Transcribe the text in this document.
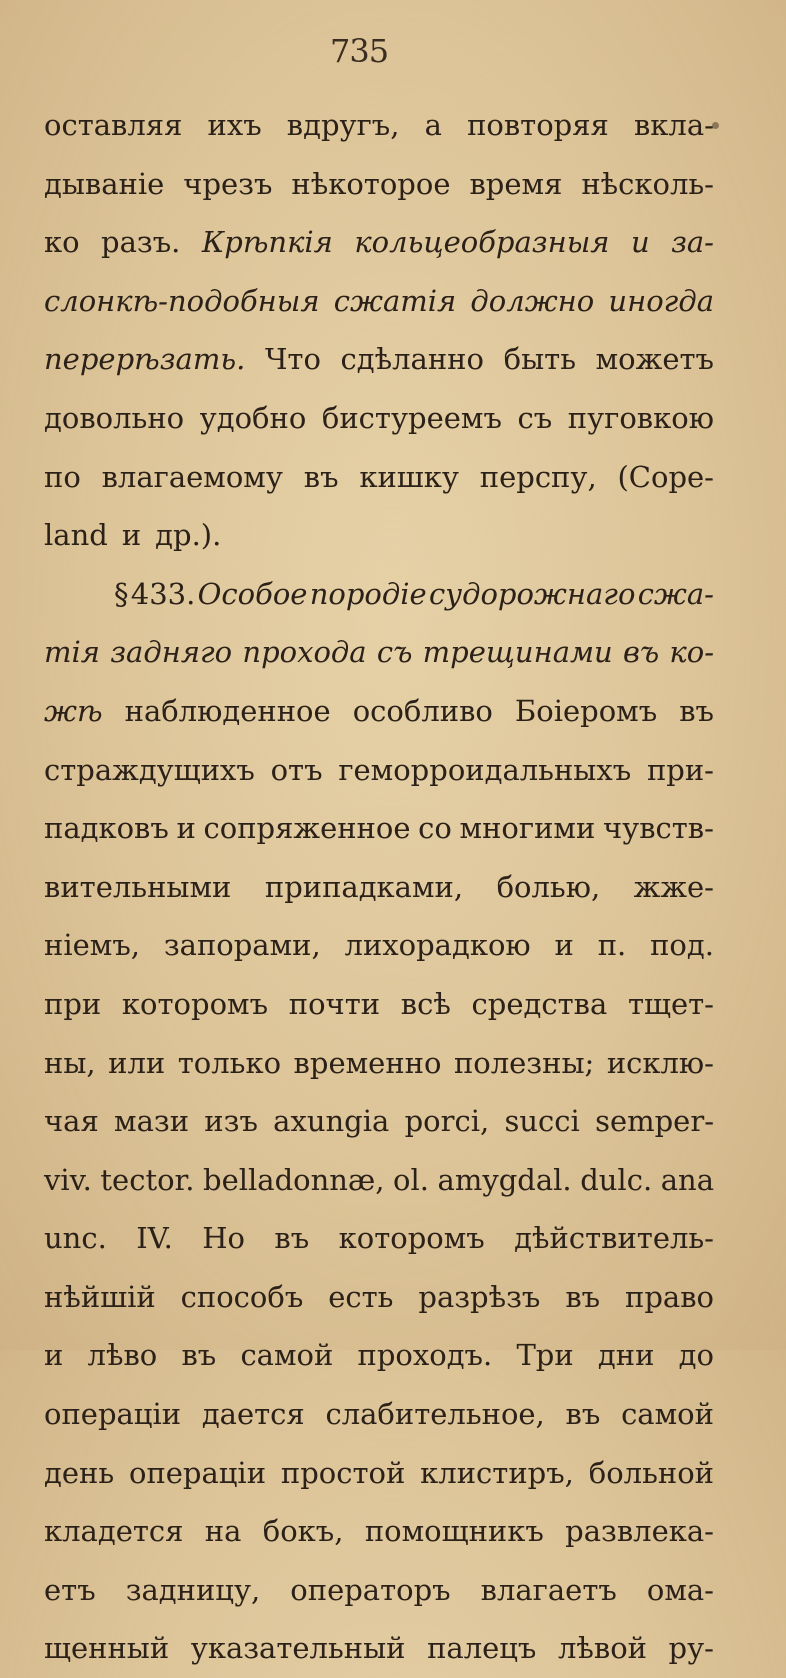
735
оставляя ихъ вдругъ, а повторяя вкла-
дыванiе чрезъ нѣкоторое время нѣсколь-
ко разъ. Крѣпкiя кольцеобразныя и за-
слонкѣ-подобныя сжатiя должно иногда
перерѣзать. Что сдѣланно быть можетъ
довольно удобно бистуреемъ съ пуговкою
по влагаемому въ кишку перспу, (Cope-
land и др.).
§ 433. Особое породiе судорожнаго сжа-
тiя заднягo прохода съ трещинами въ ко-
жѣ наблюденное особливо Бoiеромъ въ
страждущихъ отъ геморроидальныхъ при-
падковъ и сопряженное со многими чувств-
вительными припадками, болью, жже-
нiемъ, запорами, лихорадкою и п. под.
при которомъ почти всѣ средства тщет-
ны, или только временно полезны; исклю-
чая мази изъ axungia porci, succi semper-
viv. tector. belladonnæ, ol. amygdal. dulc. ana
unc. IV. Но въ которомъ дѣйствитель-
нѣйшiй способъ есть разрѣзъ въ право
и лѣво въ самой проходъ. Три дни до
операцiи дается слабительное, въ самой
день операцiи простой клистиръ, больной
кладется на бокъ, помощникъ развлека-
етъ задницу, операторъ влагаетъ ома-
щенный указательный палецъ лѣвой ру-
